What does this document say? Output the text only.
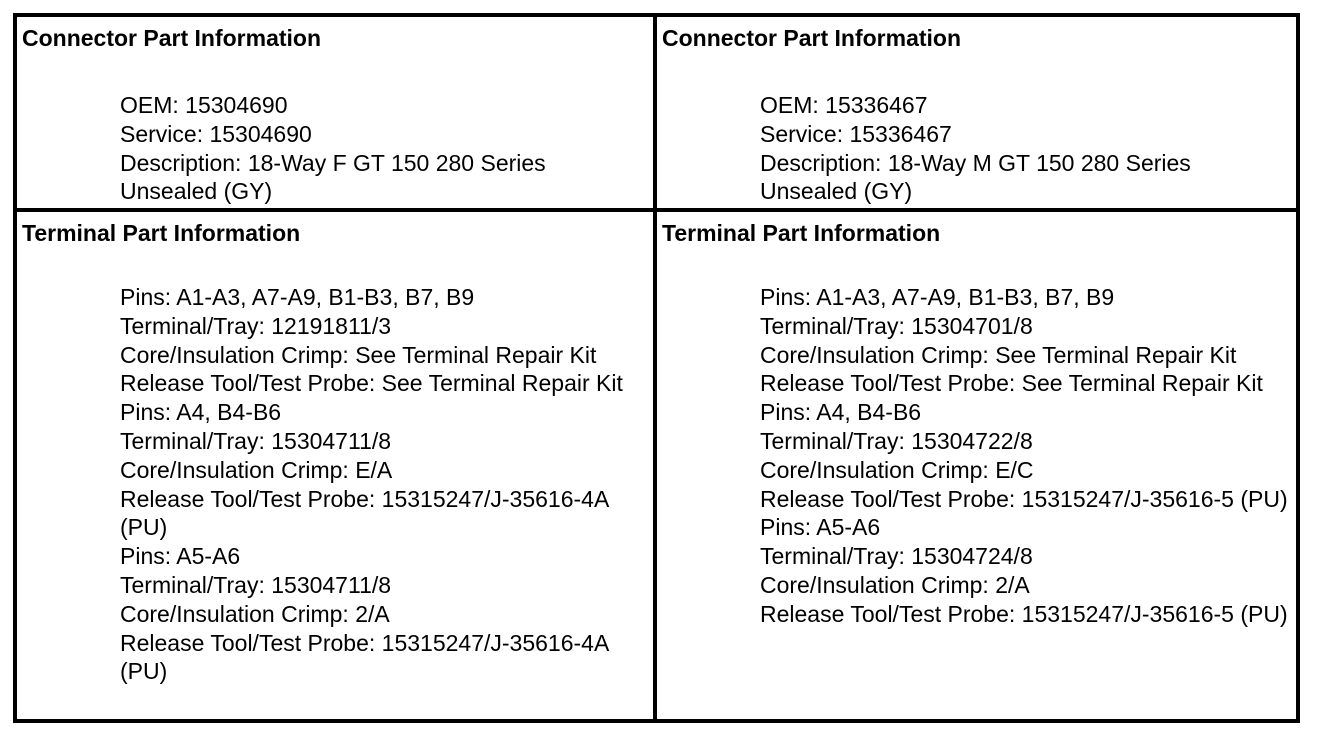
Connector Part Information
OEM: 15304690
Service: 15304690
Description: 18-Way F GT 150 280 Series Unsealed (GY)
Connector Part Information
OEM: 15336467
Service: 15336467
Description: 18-Way M GT 150 280 Series Unsealed (GY)
Terminal Part Information
Pins: A1-A3, A7-A9, B1-B3, B7, B9
Terminal/Tray: 12191811/3
Core/Insulation Crimp: See Terminal Repair Kit
Release Tool/Test Probe: See Terminal Repair Kit
Pins: A4, B4-B6
Terminal/Tray: 15304711/8
Core/Insulation Crimp: E/A
Release Tool/Test Probe: 15315247/J-35616-4A (PU)
Pins: A5-A6
Terminal/Tray: 15304711/8
Core/Insulation Crimp: 2/A
Release Tool/Test Probe: 15315247/J-35616-4A (PU)
Terminal Part Information
Pins: A1-A3, A7-A9, B1-B3, B7, B9
Terminal/Tray: 15304701/8
Core/Insulation Crimp: See Terminal Repair Kit
Release Tool/Test Probe: See Terminal Repair Kit
Pins: A4, B4-B6
Terminal/Tray: 15304722/8
Core/Insulation Crimp: E/C
Release Tool/Test Probe: 15315247/J-35616-5 (PU)
Pins: A5-A6
Terminal/Tray: 15304724/8
Core/Insulation Crimp: 2/A
Release Tool/Test Probe: 15315247/J-35616-5 (PU)
